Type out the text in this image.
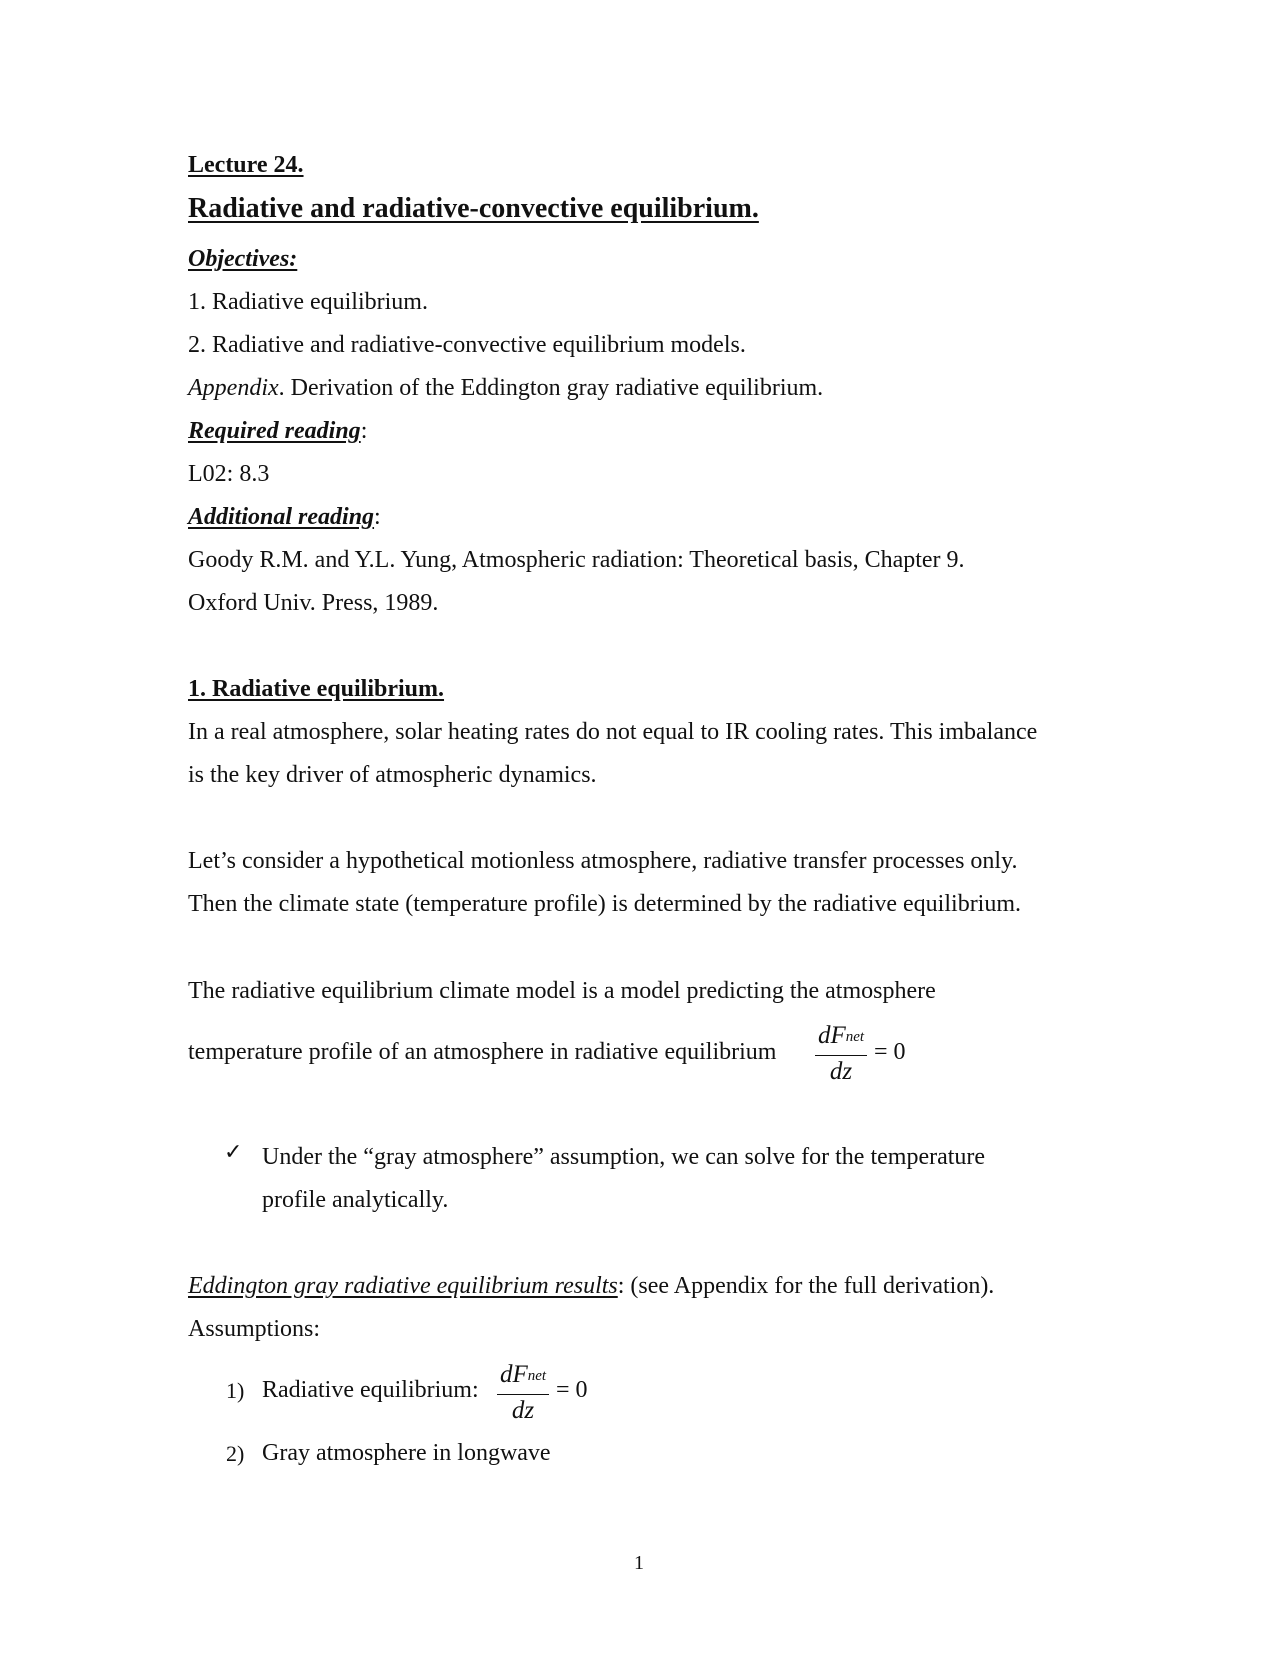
Lecture 24.
Radiative and radiative-convective equilibrium.
Objectives:
1. Radiative equilibrium.
2. Radiative and radiative-convective equilibrium models.
Appendix. Derivation of the Eddington gray radiative equilibrium.
Required reading:
L02: 8.3
Additional reading:
Goody R.M. and Y.L. Yung, Atmospheric radiation: Theoretical basis, Chapter 9.
Oxford Univ. Press, 1989.
1. Radiative equilibrium.
In a real atmosphere, solar heating rates do not equal to IR cooling rates. This imbalance
is the key driver of atmospheric dynamics.
Let’s consider a hypothetical motionless atmosphere, radiative transfer processes only.
Then the climate state (temperature profile) is determined by the radiative equilibrium.
The radiative equilibrium climate model is a model predicting the atmosphere
temperature profile of an atmosphere in radiative equilibrium
$dF_{net}$
dz
= 0
✓ Under the “gray atmosphere” assumption, we can solve for the temperature
profile analytically.
Eddington gray radiative equilibrium results: (see Appendix for the full derivation).
Assumptions:
1) Radiative equilibrium:
$dF_{net}$
dz
= 0
2) Gray atmosphere in longwave
1
